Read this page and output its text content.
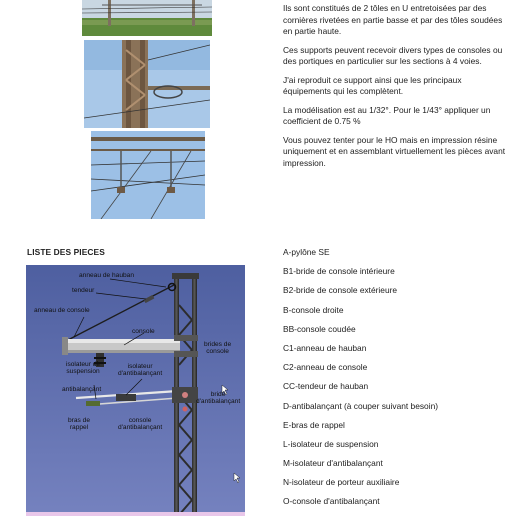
Ils sont constitués de 2 tôles en U entretoisées par des cornières rivetées en partie basse et par des tôles soudées en partie haute.

Ces supports peuvent recevoir divers types de consoles ou des portiques en particulier sur les sections à 4 voies.

J'ai reproduit ce support ainsi que les principaux équipements qui les complètent.

La modélisation est au 1/32°. Pour le 1/43° appliquer un coefficient de 0.75 %

Vous pouvez tenter pour le HO mais en impression résine uniquement et en assemblant virtuellement les pièces avant impression.

LISTE DES PIECES
anneau de hauban
tendeur
anneau de console
console
brides de
console
isolateur de
suspension
isolateur
d'antibalançant
antibalançant
bride
d'antibalançant
bras de
rappel
console
d'antibalançant
A-pylône SE
B1-bride de console intérieure
B2-bride de console extérieure
B-console droite
BB-console coudée
C1-anneau de hauban
C2-anneau de console
CC-tendeur de hauban
D-antibalançant (à couper suivant besoin)
E-bras de rappel
L-isolateur de suspension
M-isolateur d'antibalançant
N-isolateur de porteur auxiliaire
O-console d'antibalançant
